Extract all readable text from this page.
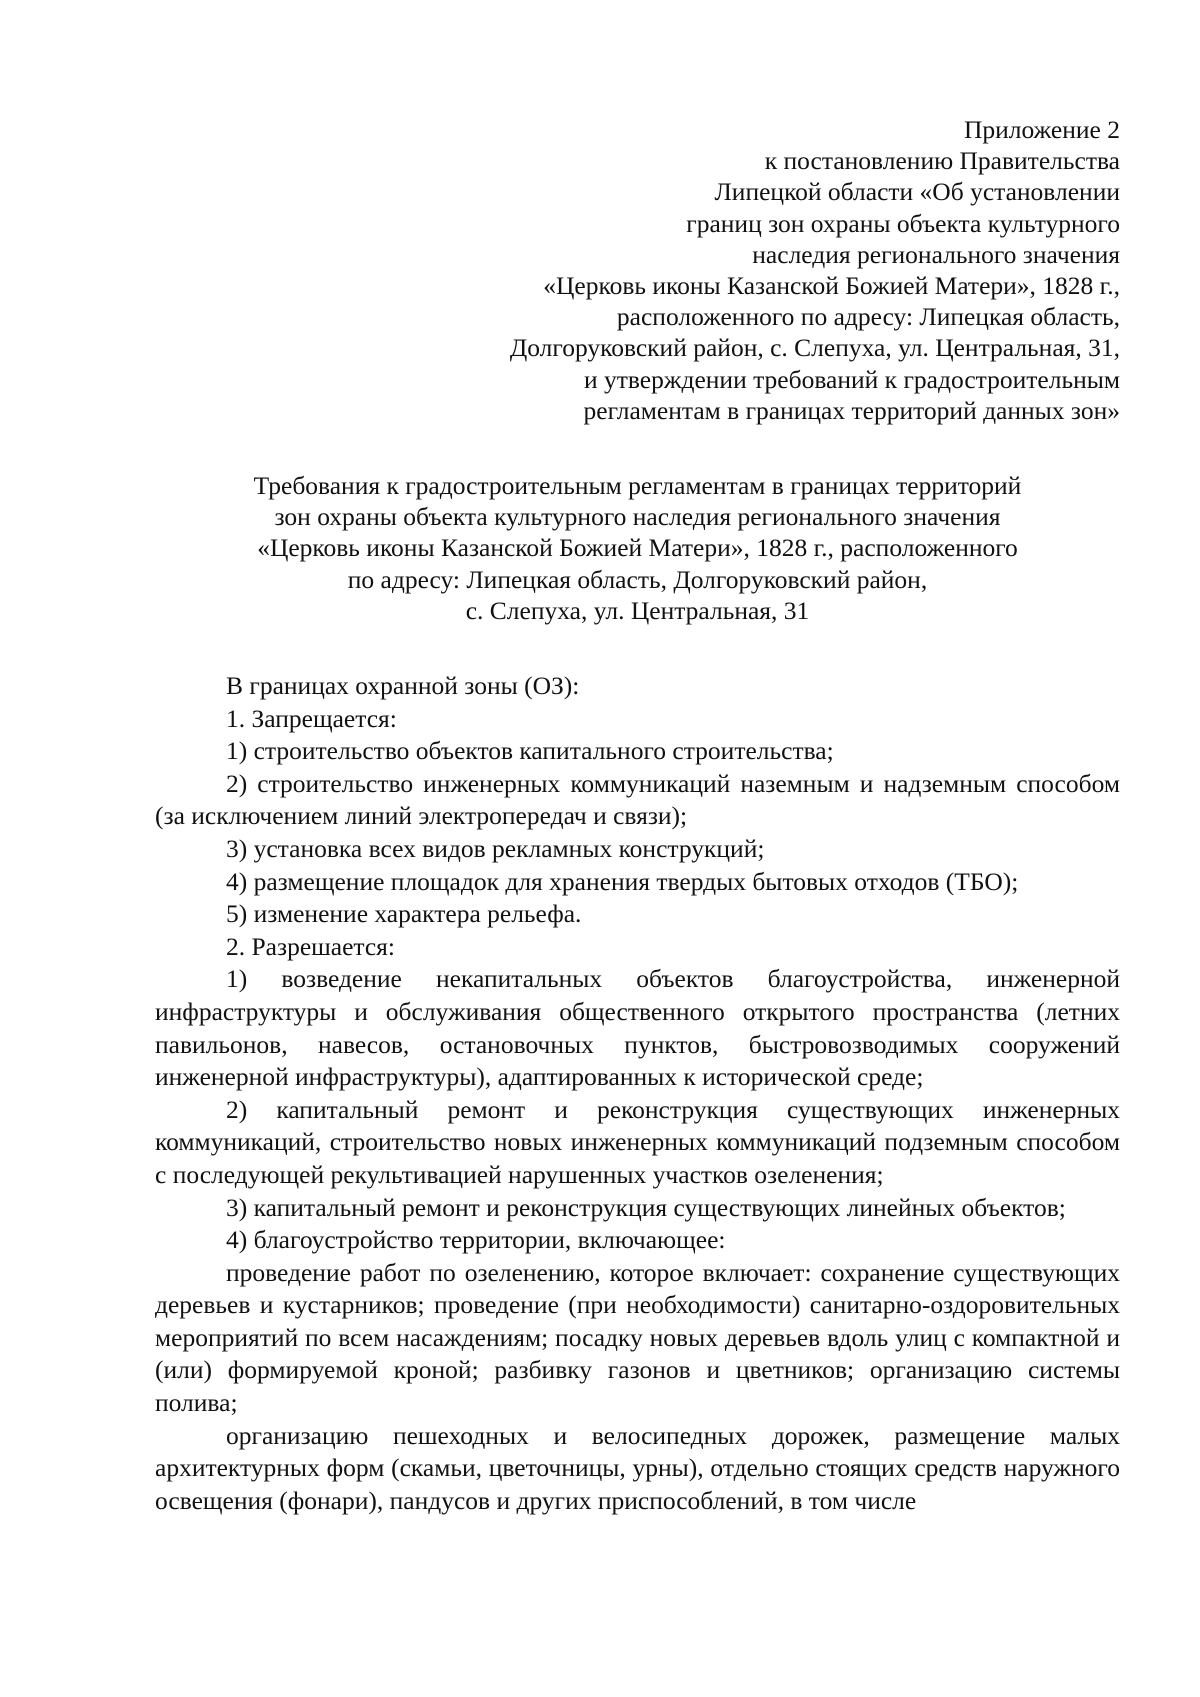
Приложение 2
к постановлению Правительства
Липецкой области «Об установлении
границ зон охраны объекта культурного
наследия регионального значения
«Церковь иконы Казанской Божией Матери», 1828 г.,
расположенного по адресу: Липецкая область,
Долгоруковский район, с. Слепуха, ул. Центральная, 31,
и утверждении требований к градостроительным
регламентам в границах территорий данных зон»
Требования к градостроительным регламентам в границах территорий
зон охраны объекта культурного наследия регионального значения
«Церковь иконы Казанской Божией Матери», 1828 г., расположенного
по адресу: Липецкая область, Долгоруковский район,
с. Слепуха, ул. Центральная, 31

В границах охранной зоны (ОЗ):

1. Запрещается:

1) строительство объектов капитального строительства;

2) строительство инженерных коммуникаций наземным и надземным способом (за исключением линий электропередач и связи);

3) установка всех видов рекламных конструкций;

4) размещение площадок для хранения твердых бытовых отходов (ТБО);

5) изменение характера рельефа.

2. Разрешается:

1) возведение некапитальных объектов благоустройства, инженерной инфраструктуры и обслуживания общественного открытого пространства (летних павильонов, навесов, остановочных пунктов, быстровозводимых сооружений инженерной инфраструктуры), адаптированных к исторической среде;

2) капитальный ремонт и реконструкция существующих инженерных коммуникаций, строительство новых инженерных коммуникаций подземным способом с последующей рекультивацией нарушенных участков озеленения;

3) капитальный ремонт и реконструкция существующих линейных объектов;

4) благоустройство территории, включающее:

проведение работ по озеленению, которое включает: сохранение существующих деревьев и кустарников; проведение (при необходимости) санитарно-оздоровительных мероприятий по всем насаждениям; посадку новых деревьев вдоль улиц с компактной и (или) формируемой кроной; разбивку газонов и цветников; организацию системы полива;

организацию пешеходных и велосипедных дорожек, размещение малых архитектурных форм (скамьи, цветочницы, урны), отдельно стоящих средств наружного освещения (фонари), пандусов и других приспособлений, в том числе
